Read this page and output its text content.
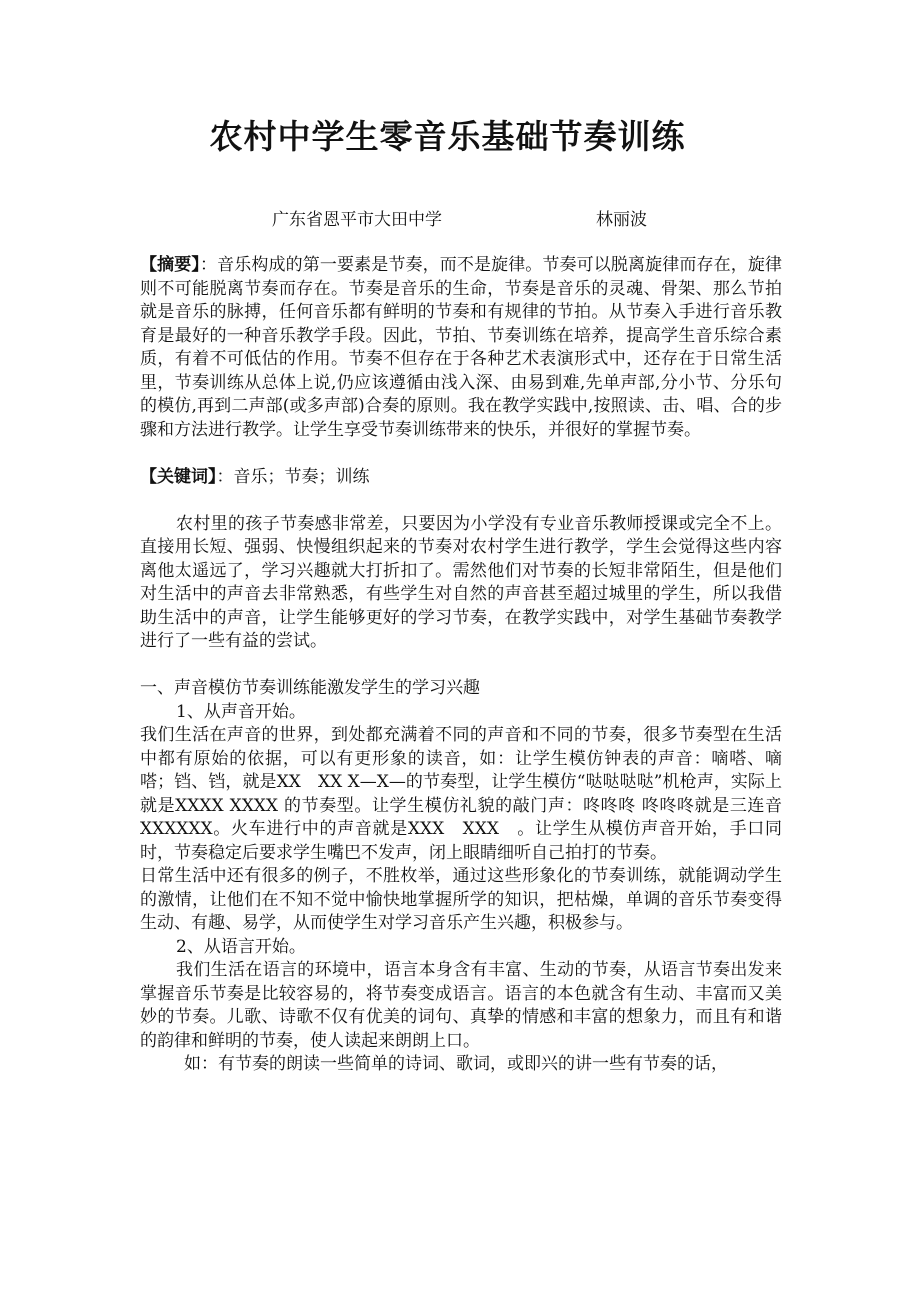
农村中学生零音乐基础节奏训练
广东省恩平市大田中学	林丽波

【摘要】：音乐构成的第一要素是节奏，而不是旋律。节奏可以脱离旋律而存在，旋律则不可能脱离节奏而存在。节奏是音乐的生命，节奏是音乐的灵魂、骨架、那么节拍就是音乐的脉搏，任何音乐都有鲜明的节奏和有规律的节拍。从节奏入手进行音乐教育是最好的一种音乐教学手段。因此，节拍、节奏训练在培养，提高学生音乐综合素质，有着不可低估的作用。节奏不但存在于各种艺术表演形式中，还存在于日常生活里，节奏训练从总体上说,仍应该遵循由浅入深、由易到难,先单声部,分小节、分乐句的模仿,再到二声部(或多声部)合奏的原则。我在教学实践中,按照读、击、唱、合的步骤和方法进行教学。让学生享受节奏训练带来的快乐，并很好的掌握节奏。

【关键词】：音乐；节奏；训练

农村里的孩子节奏感非常差，只要因为小学没有专业音乐教师授课或完全不上。直接用长短、强弱、快慢组织起来的节奏对农村学生进行教学，学生会觉得这些内容离他太遥远了，学习兴趣就大打折扣了。需然他们对节奏的长短非常陌生，但是他们对生活中的声音去非常熟悉，有些学生对自然的声音甚至超过城里的学生，所以我借助生活中的声音，让学生能够更好的学习节奏，在教学实践中，对学生基础节奏教学进行了一些有益的尝试。

一、声音模仿节奏训练能激发学生的学习兴趣

1、从声音开始。

我们生活在声音的世界，到处都充满着不同的声音和不同的节奏，很多节奏型在生活中都有原始的依据，可以有更形象的读音，如：让学生模仿钟表的声音：嘀嗒、嘀嗒；铛、铛，就是XX　XX X—X—的节奏型，让学生模仿“哒哒哒哒”机枪声，实际上就是XXXX XXXX 的节奏型。让学生模仿礼貌的敲门声：咚咚咚 咚咚咚就是三连音XXXXXX。火车进行中的声音就是XXX　XXX　。让学生从模仿声音开始，手口同时，节奏稳定后要求学生嘴巴不发声，闭上眼睛细听自己拍打的节奏。

日常生活中还有很多的例子，不胜枚举，通过这些形象化的节奏训练，就能调动学生的激情，让他们在不知不觉中愉快地掌握所学的知识，把枯燥，单调的音乐节奏变得生动、有趣、易学，从而使学生对学习音乐产生兴趣，积极参与。

2、从语言开始。

我们生活在语言的环境中，语言本身含有丰富、生动的节奏，从语言节奏出发来掌握音乐节奏是比较容易的，将节奏变成语言。语言的本色就含有生动、丰富而又美妙的节奏。儿歌、诗歌不仅有优美的词句、真挚的情感和丰富的想象力，而且有和谐的韵律和鲜明的节奏，使人读起来朗朗上口。

如：有节奏的朗读一些简单的诗词、歌词，或即兴的讲一些有节奏的话，
